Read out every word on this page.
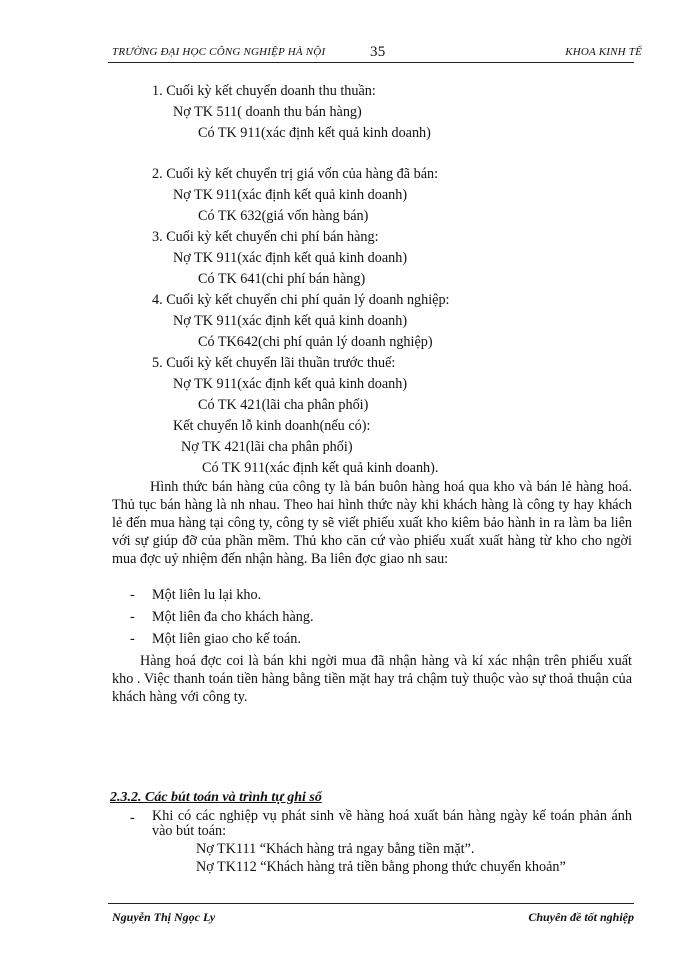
TRƯỜNG ĐẠI HỌC CÔNG NGHIỆP HÀ NỘI	35	KHOA KINH TẾ
1. Cuối kỳ kết chuyển doanh thu thuần:
Nợ TK 511( doanh thu bán hàng)
Có TK 911(xác định kết quả kinh doanh)
2. Cuối kỳ kết chuyển trị giá vốn của hàng đã bán:
Nợ TK 911(xác định kết quả kinh doanh)
Có TK 632(giá vốn hàng bán)
3. Cuối kỳ kết chuyển chi phí bán hàng:
Nợ TK 911(xác định kết quả kinh doanh)
Có TK 641(chi phí bán hàng)
4. Cuối kỳ kết chuyển chi phí quản lý doanh nghiệp:
Nợ TK 911(xác định kết quả kinh doanh)
Có TK642(chi phí quản lý doanh nghiệp)
5. Cuối kỳ kết chuyển lãi thuần trước thuế:
Nợ TK 911(xác định kết quả kinh doanh)
Có TK 421(lãi cha phân phối)
Kết chuyển lỗ kinh doanh(nếu có):
Nợ TK 421(lãi cha phân phối)
Có TK 911(xác định kết quả kinh doanh).
Hình thức bán hàng của công ty là bán buôn hàng hoá qua kho và bán lẻ hàng hoá. Thủ tục bán hàng là nh nhau. Theo hai hình thức này khi khách hàng là công ty hay khách lẻ đến mua hàng tại công ty, công ty sẽ viết phiếu xuất kho kiêm bảo hành in ra làm ba liên với sự giúp đỡ của phần mềm. Thủ kho căn cứ vào phiếu xuất xuất hàng từ kho cho ngời mua đợc uỷ nhiệm đến nhận hàng. Ba liên đợc giao nh sau:
- Một liên lu lại kho.
- Một liên đa cho khách hàng.
- Một liên giao cho kế toán.
Hàng hoá đợc coi là bán khi ngời mua đã nhận hàng và kí xác nhận trên phiếu xuất kho . Việc thanh toán tiền hàng bằng tiền mặt hay trả chậm tuỳ thuộc vào sự thoả thuận của khách hàng với công ty.
2.3.2. Các bút toán và trình tự ghi sổ
- Khi có các nghiệp vụ phát sinh về hàng hoá xuất bán hàng ngày kế toán phản ánh vào bút toán:
Nợ TK111 “Khách hàng trả ngay bằng tiền mặt”.
Nợ TK112 “Khách hàng trả tiền bằng phong thức chuyển khoản”
Nguyễn Thị Ngọc Ly	Chuyên đề tốt nghiệp
